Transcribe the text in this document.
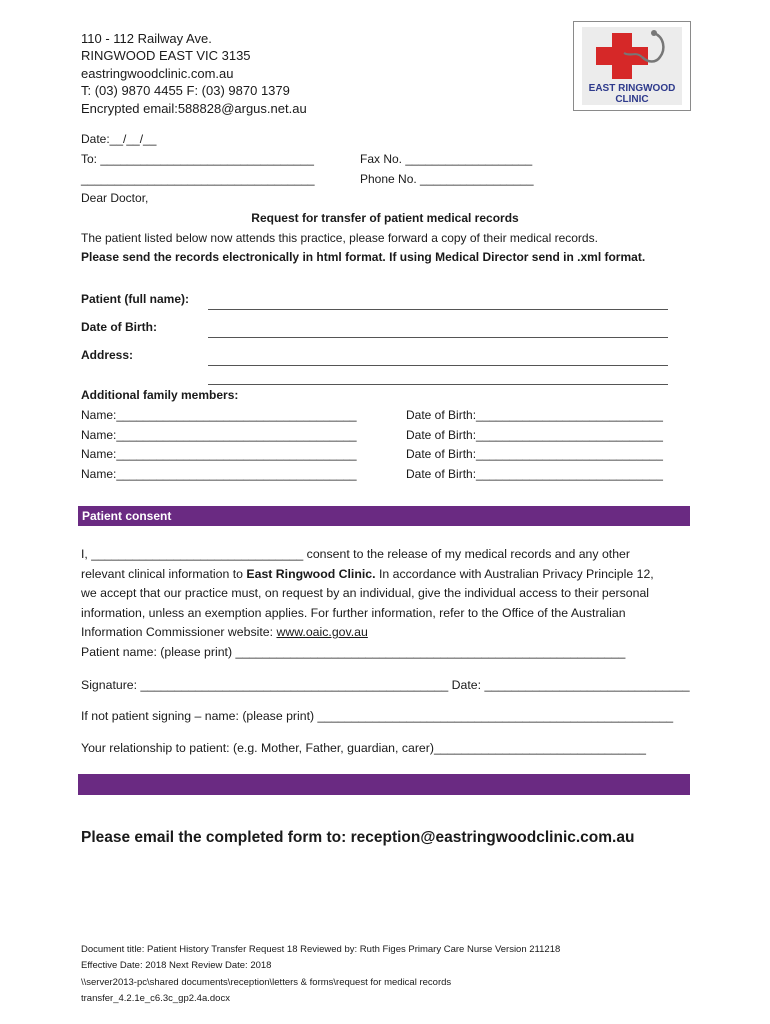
110 - 112 Railway Ave.
RINGWOOD EAST VIC 3135
eastringwoodclinic.com.au
T: (03) 9870 4455 F: (03) 9870 1379
Encrypted email:588828@argus.net.au
EAST RINGWOOD
CLINIC
Date:__/__/__
To: ________________________________	Fax No. ___________________
___________________________________	Phone No. _________________
Dear Doctor,
Request for transfer of patient medical records
The patient listed below now attends this practice, please forward a copy of their medical records.
Please send the records electronically in html format. If using Medical Director send in .xml format.
Patient (full name):
Date of Birth:
Address:
Additional family members:
Name:____________________________________	Date of Birth:____________________________
Name:____________________________________	Date of Birth:____________________________
Name:____________________________________	Date of Birth:____________________________
Name:____________________________________	Date of Birth:____________________________
Patient consent
I, _______________________________ consent to the release of my medical records and any other
relevant clinical information to East Ringwood Clinic. In accordance with Australian Privacy Principle 12,
we accept that our practice must, on request by an individual, give the individual access to their personal
information, unless an exemption applies. For further information, refer to the Office of the Australian
Information Commissioner website: www.oaic.gov.au
Patient name: (please print) _________________________________________________________
Signature: _____________________________________________ Date: ______________________________
If not patient signing – name: (please print) ____________________________________________________
Your relationship to patient: (e.g. Mother, Father, guardian, carer)_______________________________
Please email the completed form to: reception@eastringwoodclinic.com.au
Document title: Patient History Transfer Request 18 Reviewed by: Ruth Figes Primary Care Nurse Version 211218
Effective Date: 2018 Next Review Date: 2018
\\server2013-pc\shared documents\reception\letters & forms\request for medical records
transfer_4.2.1e_c6.3c_gp2.4a.docx
